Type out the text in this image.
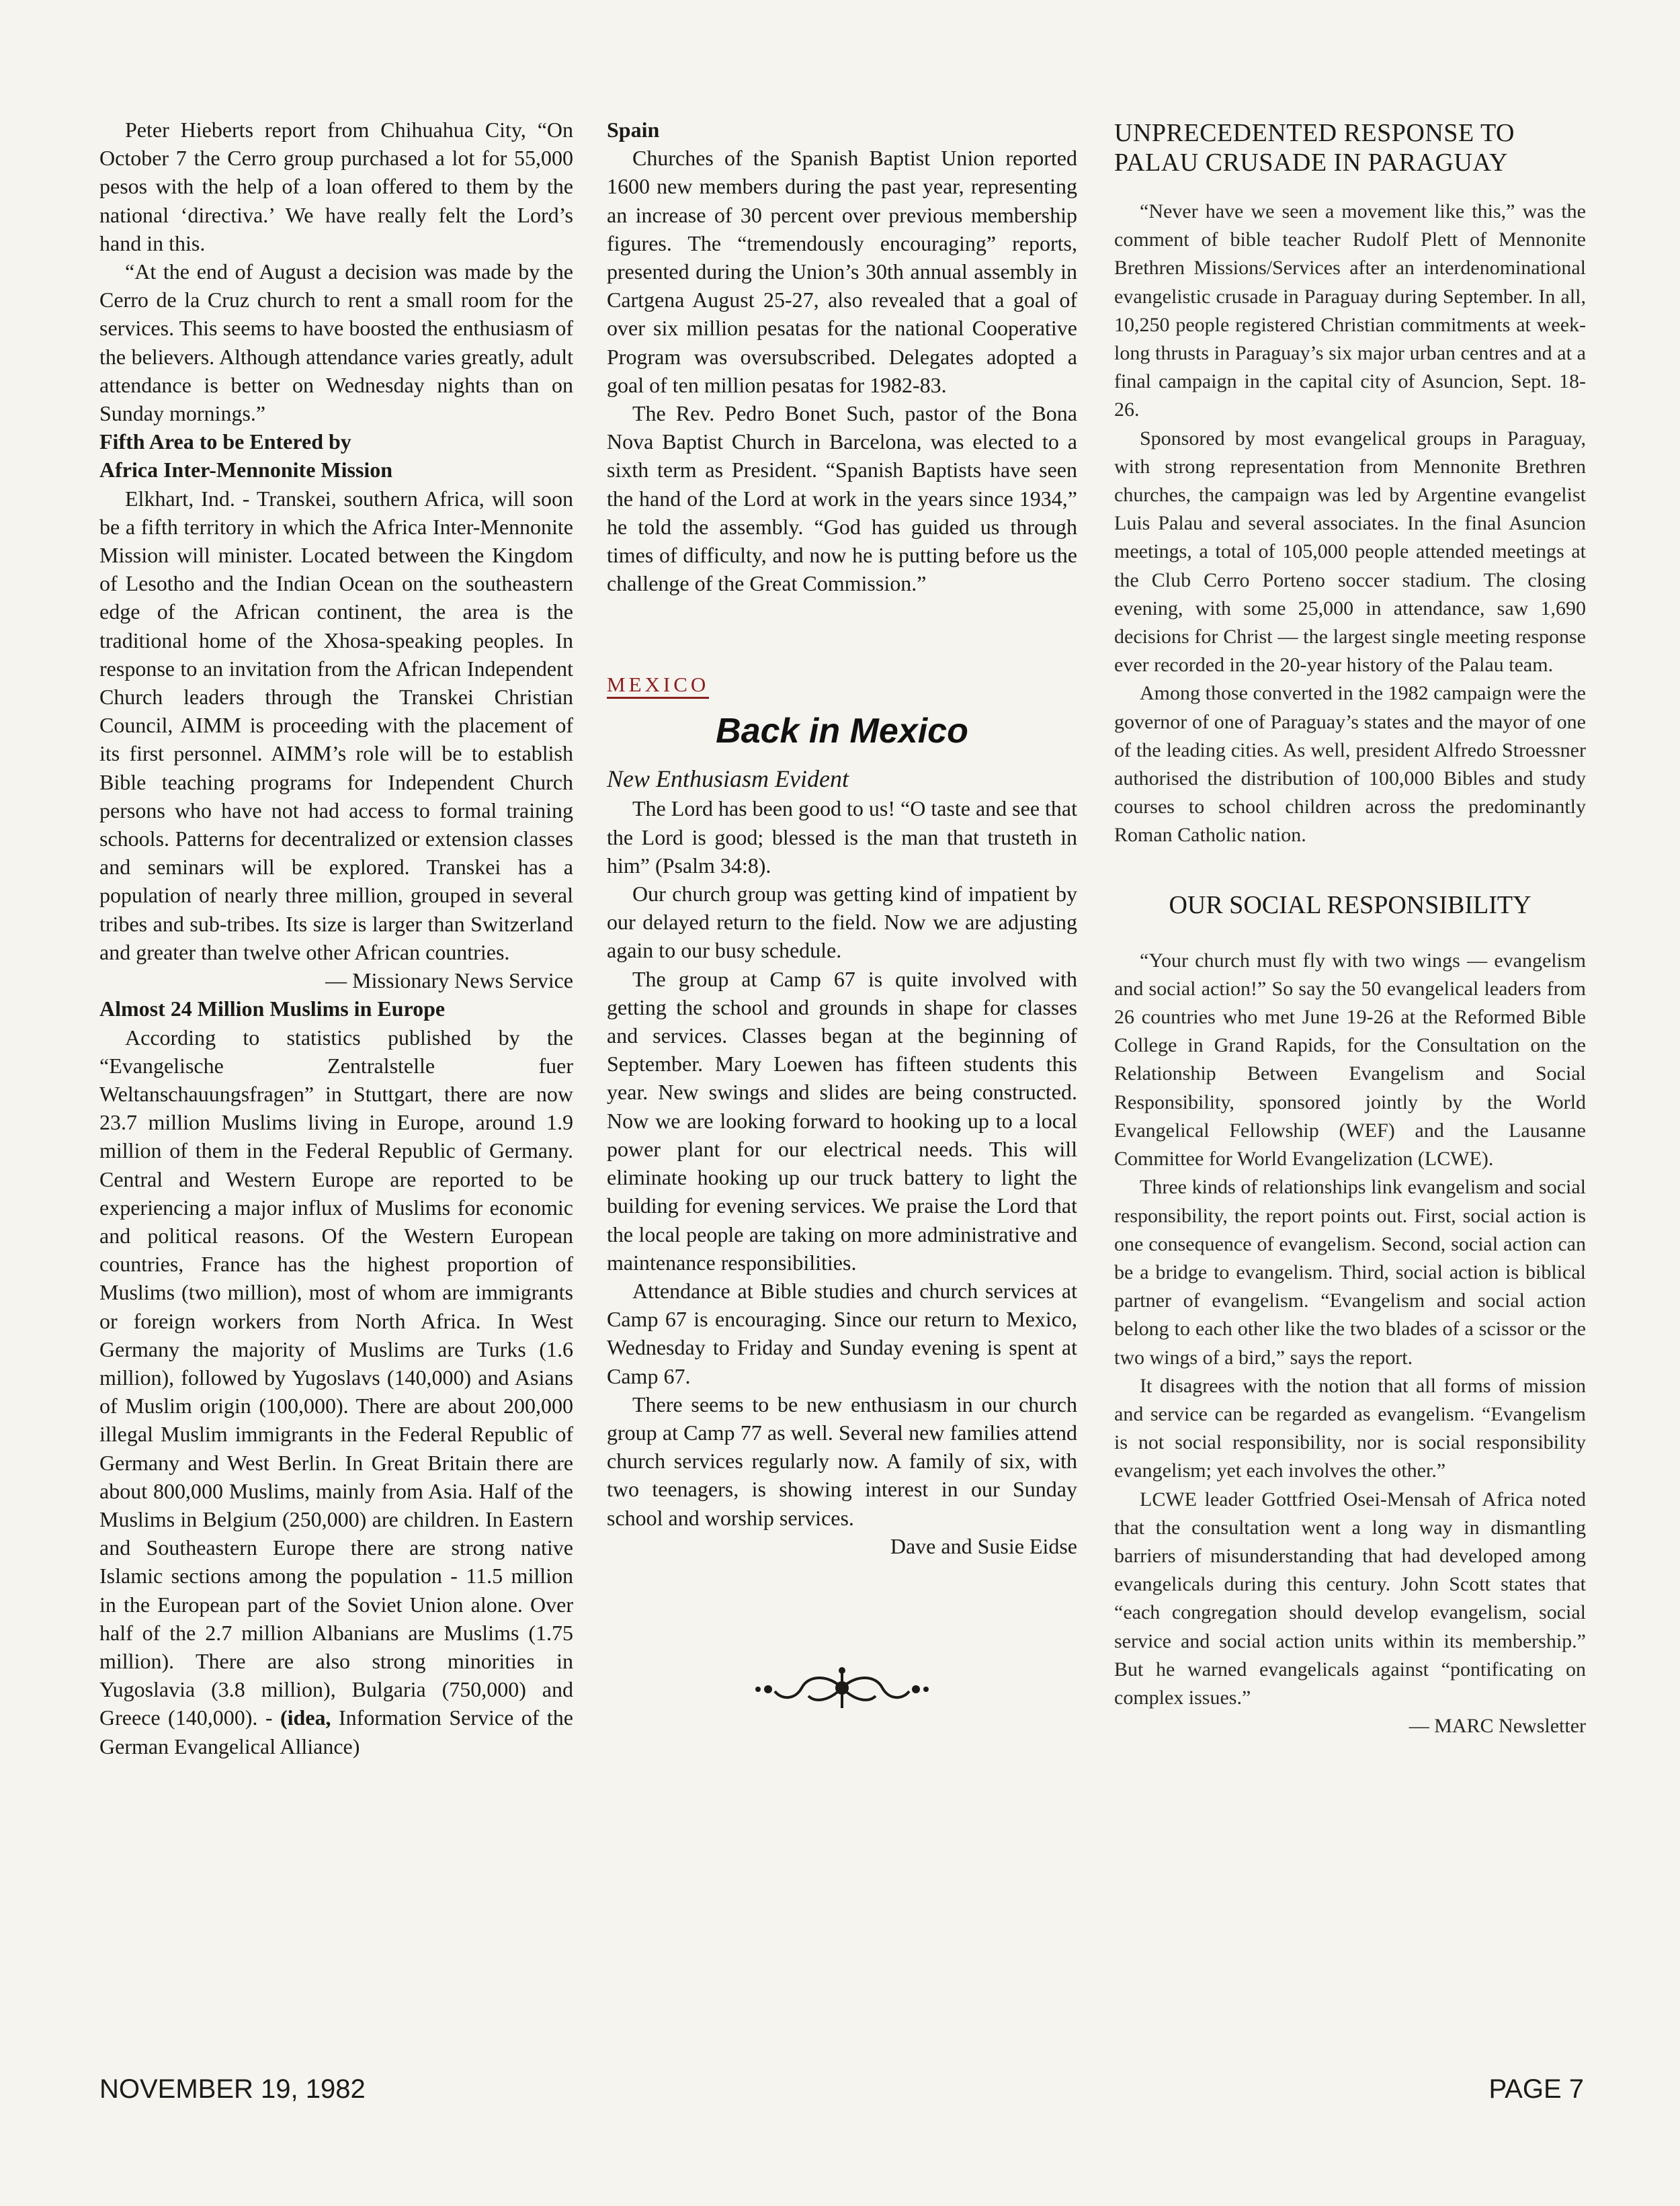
Peter Hieberts report from Chihuahua City, “On October 7 the Cerro group purchased a lot for 55,000 pesos with the help of a loan offered to them by the national ‘directiva.’ We have really felt the Lord’s hand in this.

“At the end of August a decision was made by the Cerro de la Cruz church to rent a small room for the services. This seems to have boosted the enthusiasm of the believers. Although attendance varies greatly, adult attendance is better on Wednesday nights than on Sunday mornings.”

Fifth Area to be Entered by
Africa Inter-Mennonite Mission

Elkhart, Ind. - Transkei, southern Africa, will soon be a fifth territory in which the Africa Inter-Mennonite Mission will minister. Located between the Kingdom of Lesotho and the Indian Ocean on the southeastern edge of the African continent, the area is the traditional home of the Xhosa-speaking peoples. In response to an invitation from the African Independent Church leaders through the Transkei Christian Council, AIMM is proceeding with the placement of its first personnel. AIMM’s role will be to establish Bible teaching programs for Independent Church persons who have not had access to formal training schools. Patterns for decentralized or extension classes and seminars will be explored. Transkei has a population of nearly three million, grouped in several tribes and sub-tribes. Its size is larger than Switzerland and greater than twelve other African countries.

— Missionary News Service
Almost 24 Million Muslims in Europe

According to statistics published by the “Evangelische Zentralstelle fuer Weltanschauungsfragen” in Stuttgart, there are now 23.7 million Muslims living in Europe, around 1.9 million of them in the Federal Republic of Germany. Central and Western Europe are reported to be experiencing a major influx of Muslims for economic and political reasons. Of the Western European countries, France has the highest proportion of Muslims (two million), most of whom are immigrants or foreign workers from North Africa. In West Germany the majority of Muslims are Turks (1.6 million), followed by Yugoslavs (140,000) and Asians of Muslim origin (100,000). There are about 200,000 illegal Muslim immigrants in the Federal Republic of Germany and West Berlin. In Great Britain there are about 800,000 Muslims, mainly from Asia. Half of the Muslims in Belgium (250,000) are children. In Eastern and Southeastern Europe there are strong native Islamic sections among the population - 11.5 million in the European part of the Soviet Union alone. Over half of the 2.7 million Albanians are Muslims (1.75 million). There are also strong minorities in Yugoslavia (3.8 million), Bulgaria (750,000) and Greece (140,000). - (idea, Information Service of the German Evangelical Alliance)

Spain

Churches of the Spanish Baptist Union reported 1600 new members during the past year, representing an increase of 30 percent over previous membership figures. The “tremendously encouraging” reports, presented during the Union’s 30th annual assembly in Cartgena August 25-27, also revealed that a goal of over six million pesatas for the national Cooperative Program was oversubscribed. Delegates adopted a goal of ten million pesatas for 1982-83.

The Rev. Pedro Bonet Such, pastor of the Bona Nova Baptist Church in Barcelona, was elected to a sixth term as President. “Spanish Baptists have seen the hand of the Lord at work in the years since 1934,” he told the assembly. “God has guided us through times of difficulty, and now he is putting before us the challenge of the Great Commission.”

MEXICO
Back in Mexico
New Enthusiasm Evident

The Lord has been good to us! “O taste and see that the Lord is good; blessed is the man that trusteth in him” (Psalm 34:8).

Our church group was getting kind of impatient by our delayed return to the field. Now we are adjusting again to our busy schedule.

The group at Camp 67 is quite involved with getting the school and grounds in shape for classes and services. Classes began at the beginning of September. Mary Loewen has fifteen students this year. New swings and slides are being constructed. Now we are looking forward to hooking up to a local power plant for our electrical needs. This will eliminate hooking up our truck battery to light the building for evening services. We praise the Lord that the local people are taking on more administrative and maintenance responsibilities.

Attendance at Bible studies and church services at Camp 67 is encouraging. Since our return to Mexico, Wednesday to Friday and Sunday evening is spent at Camp 67.

There seems to be new enthusiasm in our church group at Camp 77 as well. Several new families attend church services regularly now. A family of six, with two teenagers, is showing interest in our Sunday school and worship services.

Dave and Susie Eidse
UNPRECEDENTED RESPONSE TO
PALAU CRUSADE IN PARAGUAY

“Never have we seen a movement like this,” was the comment of bible teacher Rudolf Plett of Mennonite Brethren Missions/Services after an interdenominational evangelistic crusade in Paraguay during September. In all, 10,250 people registered Christian commitments at week-long thrusts in Paraguay’s six major urban centres and at a final campaign in the capital city of Asuncion, Sept. 18-26.

Sponsored by most evangelical groups in Paraguay, with strong representation from Mennonite Brethren churches, the campaign was led by Argentine evangelist Luis Palau and several associates. In the final Asuncion meetings, a total of 105,000 people attended meetings at the Club Cerro Porteno soccer stadium. The closing evening, with some 25,000 in attendance, saw 1,690 decisions for Christ — the largest single meeting response ever recorded in the 20-year history of the Palau team.

Among those converted in the 1982 campaign were the governor of one of Paraguay’s states and the mayor of one of the leading cities. As well, president Alfredo Stroessner authorised the distribution of 100,000 Bibles and study courses to school children across the predominantly Roman Catholic nation.

OUR SOCIAL RESPONSIBILITY

“Your church must fly with two wings — evangelism and social action!” So say the 50 evangelical leaders from 26 countries who met June 19-26 at the Reformed Bible College in Grand Rapids, for the Consultation on the Relationship Between Evangelism and Social Responsibility, sponsored jointly by the World Evangelical Fellowship (WEF) and the Lausanne Committee for World Evangelization (LCWE).

Three kinds of relationships link evangelism and social responsibility, the report points out. First, social action is one consequence of evangelism. Second, social action can be a bridge to evangelism. Third, social action is biblical partner of evangelism. “Evangelism and social action belong to each other like the two blades of a scissor or the two wings of a bird,” says the report.

It disagrees with the notion that all forms of mission and service can be regarded as evangelism. “Evangelism is not social responsibility, nor is social responsibility evangelism; yet each involves the other.”

LCWE leader Gottfried Osei-Mensah of Africa noted that the consultation went a long way in dismantling barriers of misunderstanding that had developed among evangelicals during this century. John Scott states that “each congregation should develop evangelism, social service and social action units within its membership.” But he warned evangelicals against “pontificating on complex issues.”

— MARC Newsletter
NOVEMBER 19, 1982	PAGE 7
